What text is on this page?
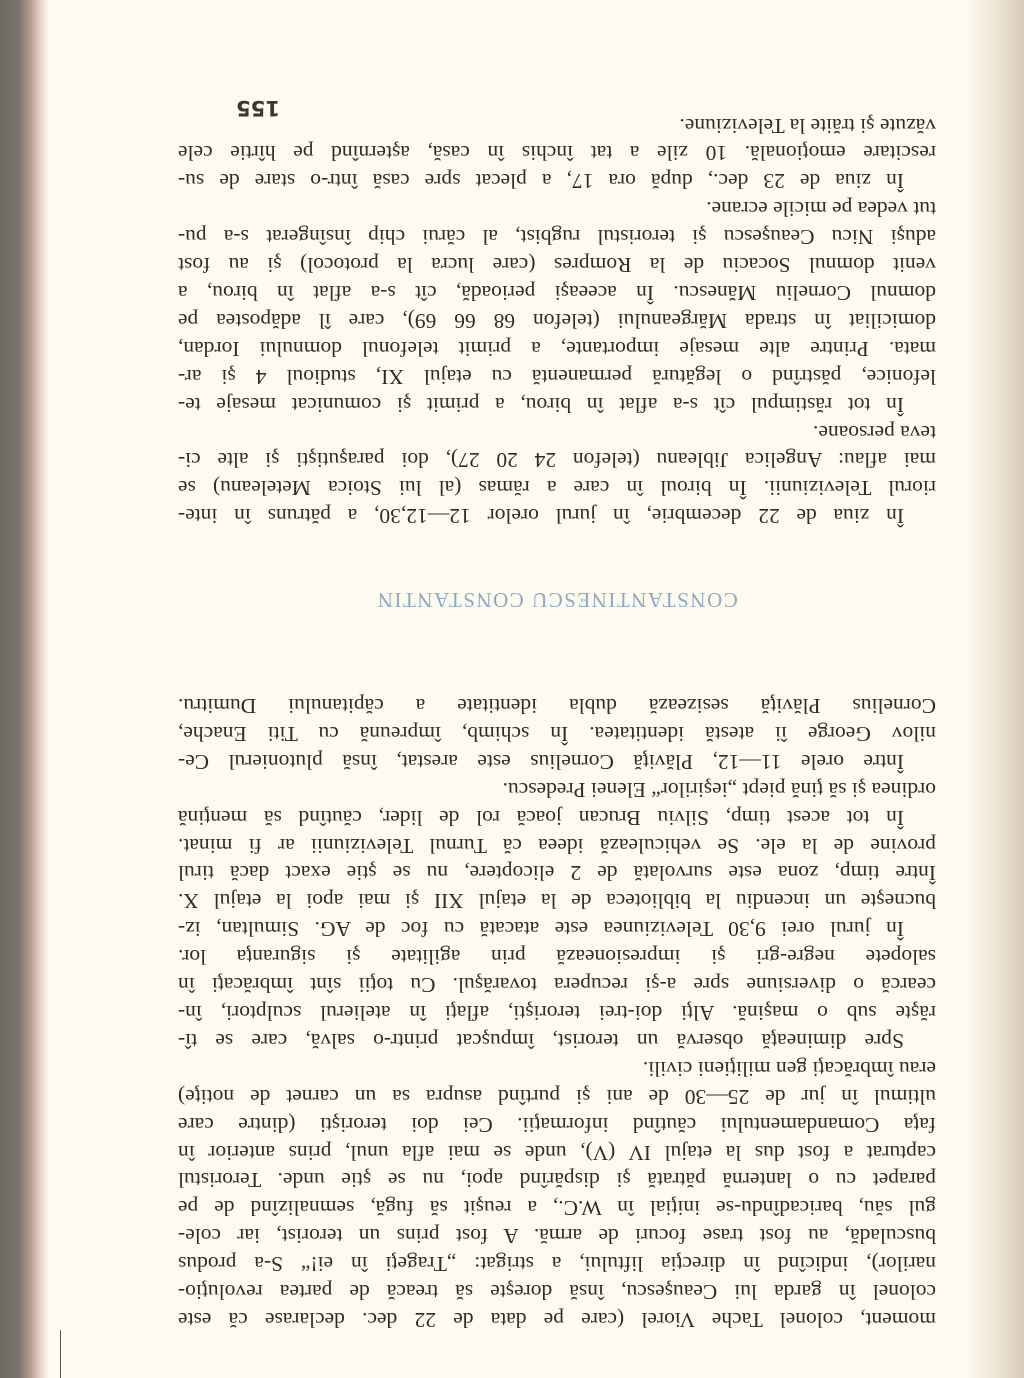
moment, colonel Tache Viorel (care pe data de 22 dec. declarase că este
colonel în garda lui Ceauşescu, însă doreşte să treacă de partea revoluţio-
narilor), indicînd în direcţia liftului, a strigat: „Trageţi în ei!“ S-a produs
busculadă, au fost trase focuri de armă. A fost prins un terorist, iar cole-
gul său, baricadîndu-se iniţial în W.C., a reuşit să fugă, semnalizînd de pe
parapet cu o lanternă pătrată şi dispărînd apoi, nu se ştie unde. Teroristul
capturat a fost dus la etajul IV (V), unde se mai afla unul, prins anterior în
faţa Comandamentului căutînd informaţii. Cei doi terorişti (dintre care
ultimul în jur de 25—30 de ani şi purtînd asupra sa un carnet de notiţe)
erau îmbrăcaţi gen miliţieni civili.

Spre dimineaţă observă un terorist, împuşcat printr-o salvă, care se tî-
răşte sub o maşină. Alţi doi-trei terorişti, aflaţi în atelierul sculptori, în-
cearcă o diversiune spre a-şi recupera tovarăşul. Cu toţii sînt îmbrăcaţi în
salopete negre-gri şi impresionează prin agilitate şi siguranţa lor.

În jurul orei 9,30 Televiziunea este atacată cu foc de AG. Simultan, iz-
bucneşte un incendiu la biblioteca de la etajul XII şi mai apoi la etajul X.
Între timp, zona este survolată de 2 elicoptere, nu se ştie exact dacă tirul
provine de la ele. Se vehiculează ideea că Turnul Televiziunii ar fi minat.

În tot acest timp, Silviu Brucan joacă rol de lider, căutînd să menţină
ordinea şi să ţină piept „ieşirilor“ Elenei Predescu.

Între orele 11—12, Plăviţă Cornelius este arestat, însă plutonierul Ce-
nilov George îi atestă identitatea. În schimb, împreună cu Titi Enache,
Cornelius Plăviţă sesizează dubla identitate a căpitanului Dumitru.

CONSTANTINESCU CONSTANTIN

În ziua de 22 decembrie, în jurul orelor 12—12,30, a pătruns în inte-
riorul Televiziunii. În biroul în care a rămas (al lui Stoica Meteleanu) se
mai aflau: Angelica Jibleanu (telefon 24 20 27), doi paraşutişti şi alte ci-
teva persoane.

În tot răstimpul cît s-a aflat în birou, a primit şi comunicat mesaje te-
lefonice, păstrînd o legătură permanentă cu etajul XI, studioul 4 şi ar-
mata. Printre alte mesaje importante, a primit telefonul domnului Iordan,
domiciliat în strada Mărgeanului (telefon 68 66 69), care îl adăpostea pe
domnul Corneliu Mănescu. În aceeaşi perioadă, cît s-a aflat în birou, a
venit domnul Socaciu de la Rompres (care lucra la protocol) şi au fost
aduşi Nicu Ceauşescu şi teroristul rugbist, al cărui chip însîngerat s-a pu-
tut vedea pe micile ecrane.

În ziua de 23 dec., după ora 17, a plecat spre casă într-o stare de su-
rescitare emoţională. 10 zile a tat închis în casă, aşternînd pe hîrtie cele
văzute şi trăite la Televiziune.

155
